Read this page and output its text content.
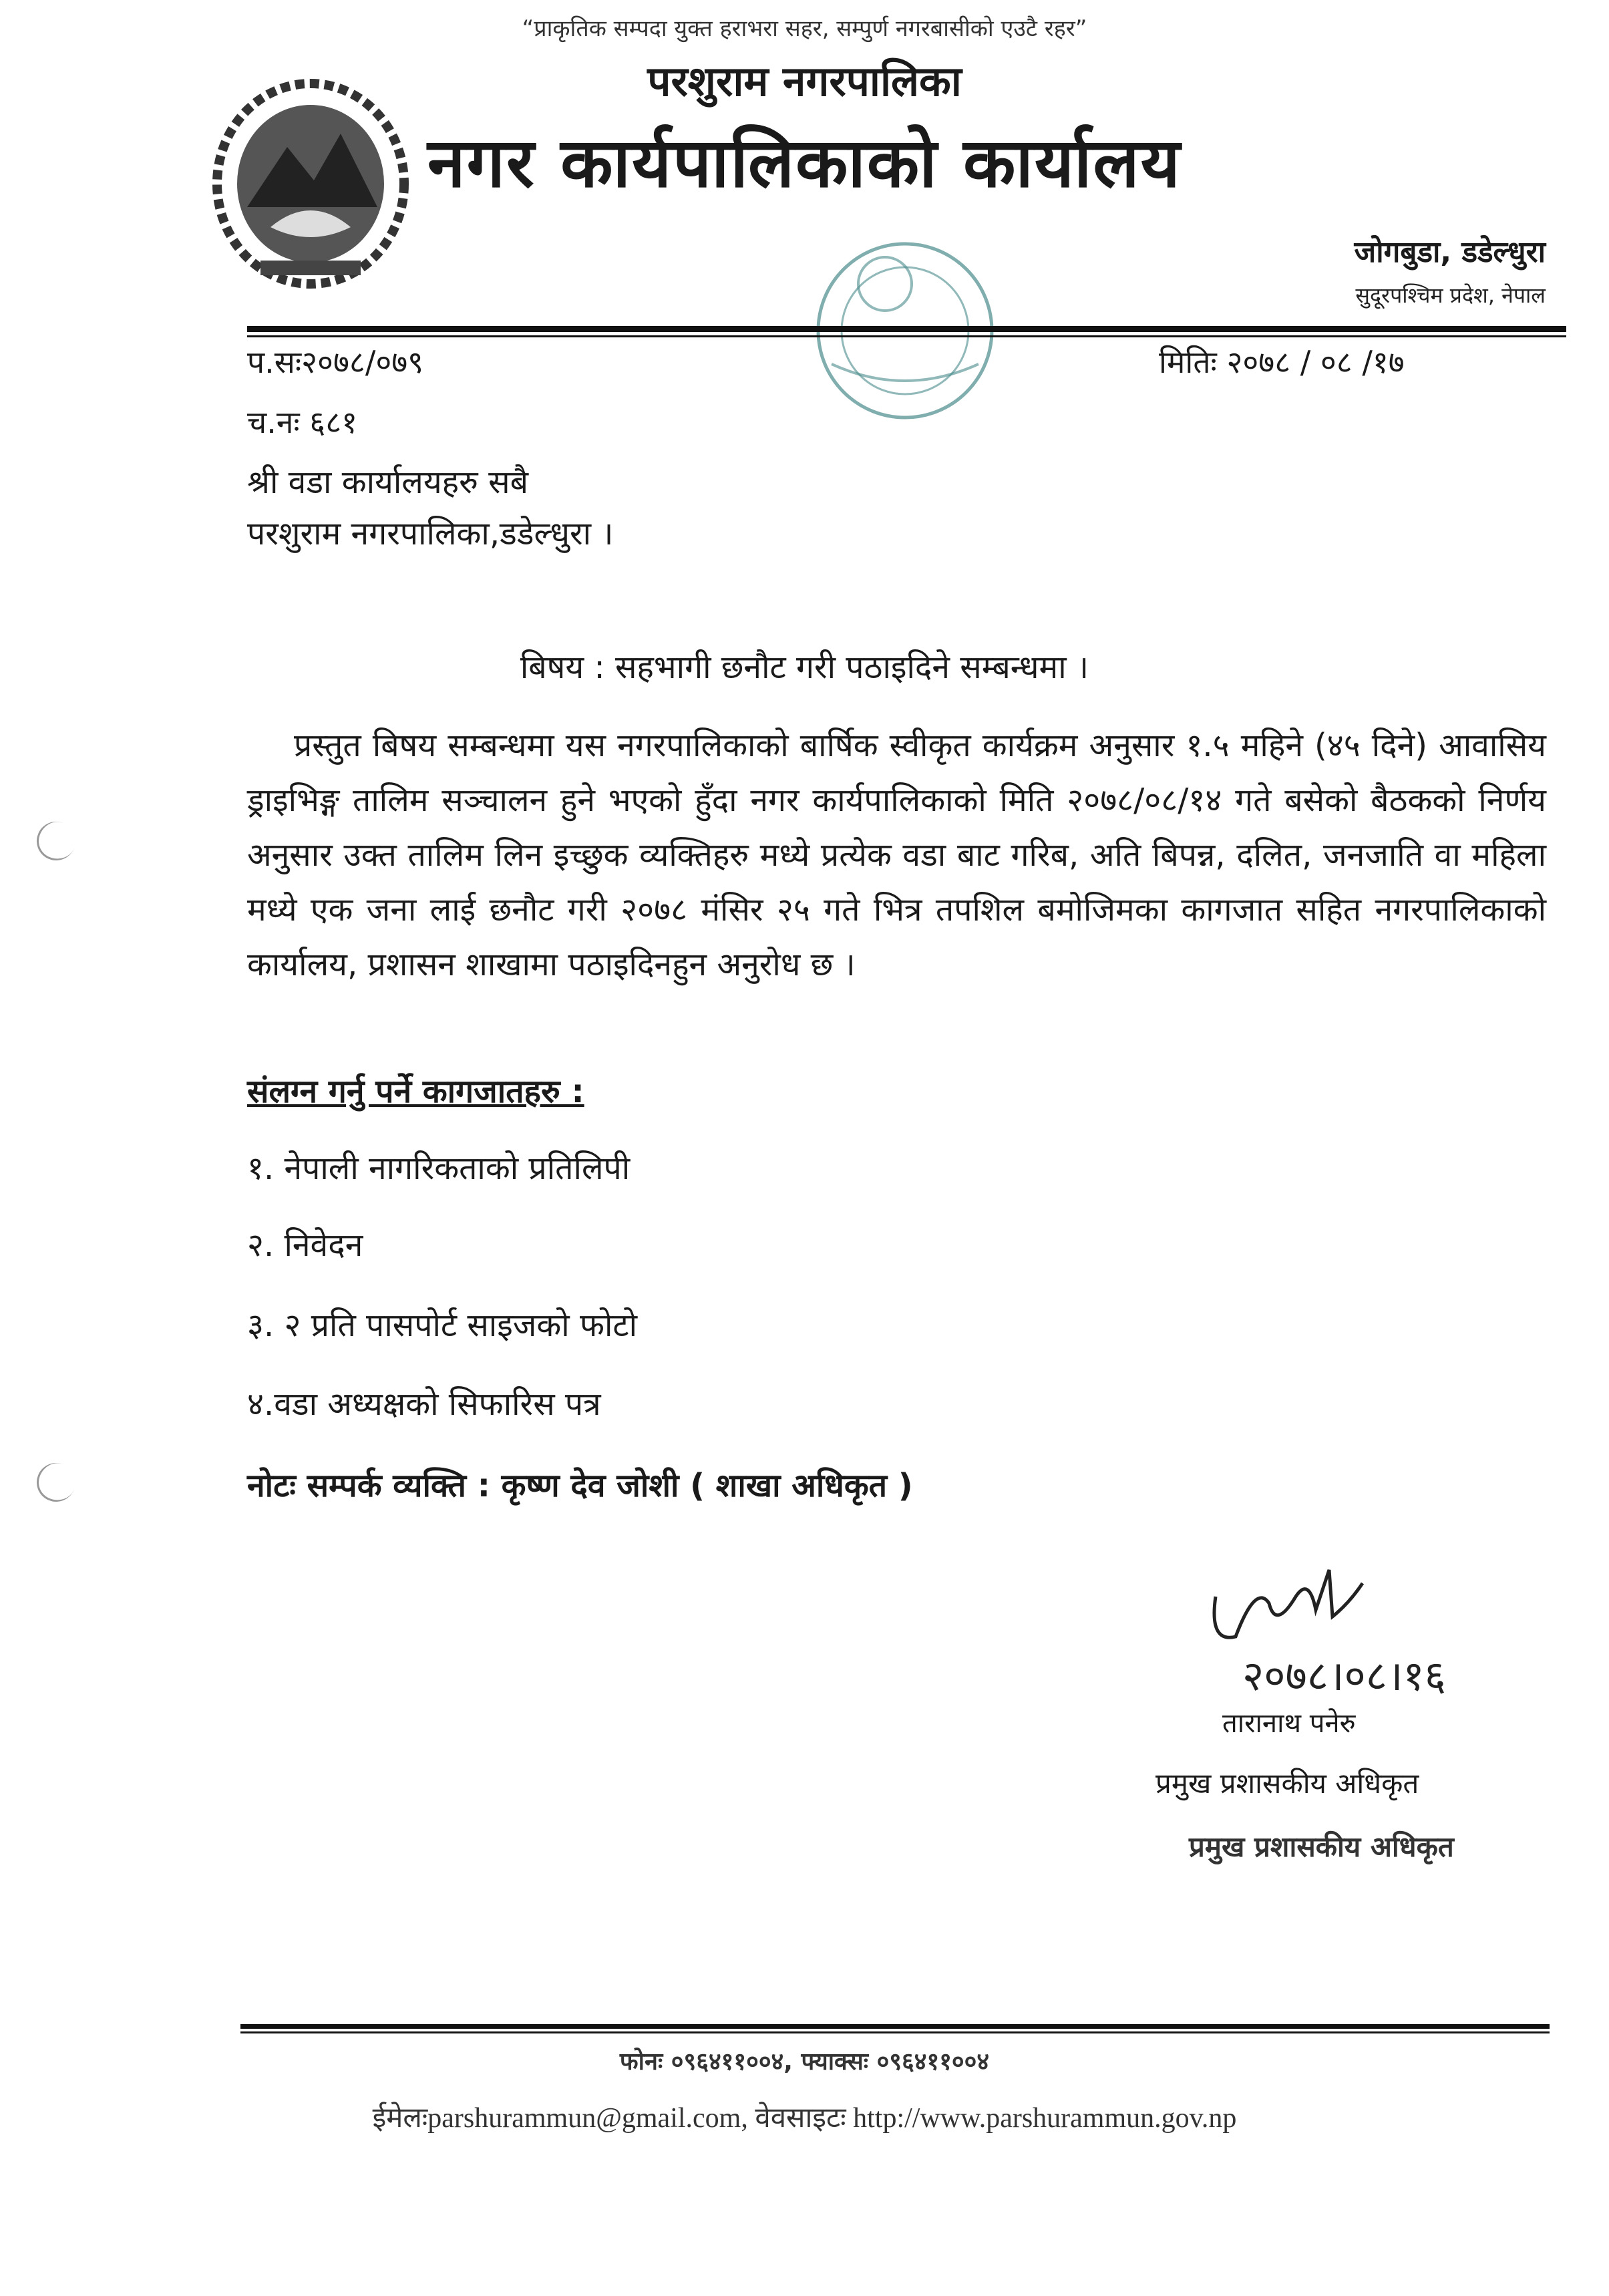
“प्राकृतिक सम्पदा युक्त हराभरा सहर, सम्पुर्ण नगरबासीको एउटै रहर”
परशुराम नगरपालिका
नगर कार्यपालिकाको कार्यालय
जोगबुडा, डडेल्धुरा
सुदूरपश्चिम प्रदेश, नेपाल
प.सः२०७८/०७९	मितिः २०७८ / ०८ /१७
च.नः ६८१
श्री वडा कार्यालयहरु सबै
परशुराम नगरपालिका,डडेल्धुरा ।
बिषय : सहभागी छनौट गरी पठाइदिने सम्बन्धमा ।
प्रस्तुत बिषय सम्बन्धमा यस नगरपालिकाको बार्षिक स्वीकृत कार्यक्रम अनुसार १.५ महिने (४५ दिने) आवासिय ड्राइभिङ्ग तालिम सञ्चालन हुने भएको हुँदा नगर कार्यपालिकाको मिति २०७८/०८/१४ गते बसेको बैठकको निर्णय अनुसार उक्त तालिम लिन इच्छुक व्यक्तिहरु मध्ये प्रत्येक वडा बाट गरिब, अति बिपन्न, दलित, जनजाति वा महिला मध्ये एक जना लाई छनौट गरी २०७८ मंसिर २५ गते भित्र तपशिल बमोजिमका कागजात सहित नगरपालिकाको कार्यालय, प्रशासन शाखामा पठाइदिनहुन अनुरोध छ ।
संलग्न गर्नु पर्ने कागजातहरु :
१. नेपाली नागरिकताको प्रतिलिपी
२. निवेदन
३. २ प्रति पासपोर्ट साइजको फोटो
४.वडा अध्यक्षको सिफारिस पत्र
नोटः सम्पर्क व्यक्ति : कृष्ण देव जोशी ( शाखा अधिकृत )
२०७८।०८।१६
तारानाथ पनेरु
प्रमुख प्रशासकीय अधिकृत
प्रमुख प्रशासकीय अधिकृत
फोनः ०९६४११००४, फ्याक्सः ०९६४११००४
ईमेलःparshurammun@gmail.com, वेवसाइटः http://www.parshurammun.gov.np
